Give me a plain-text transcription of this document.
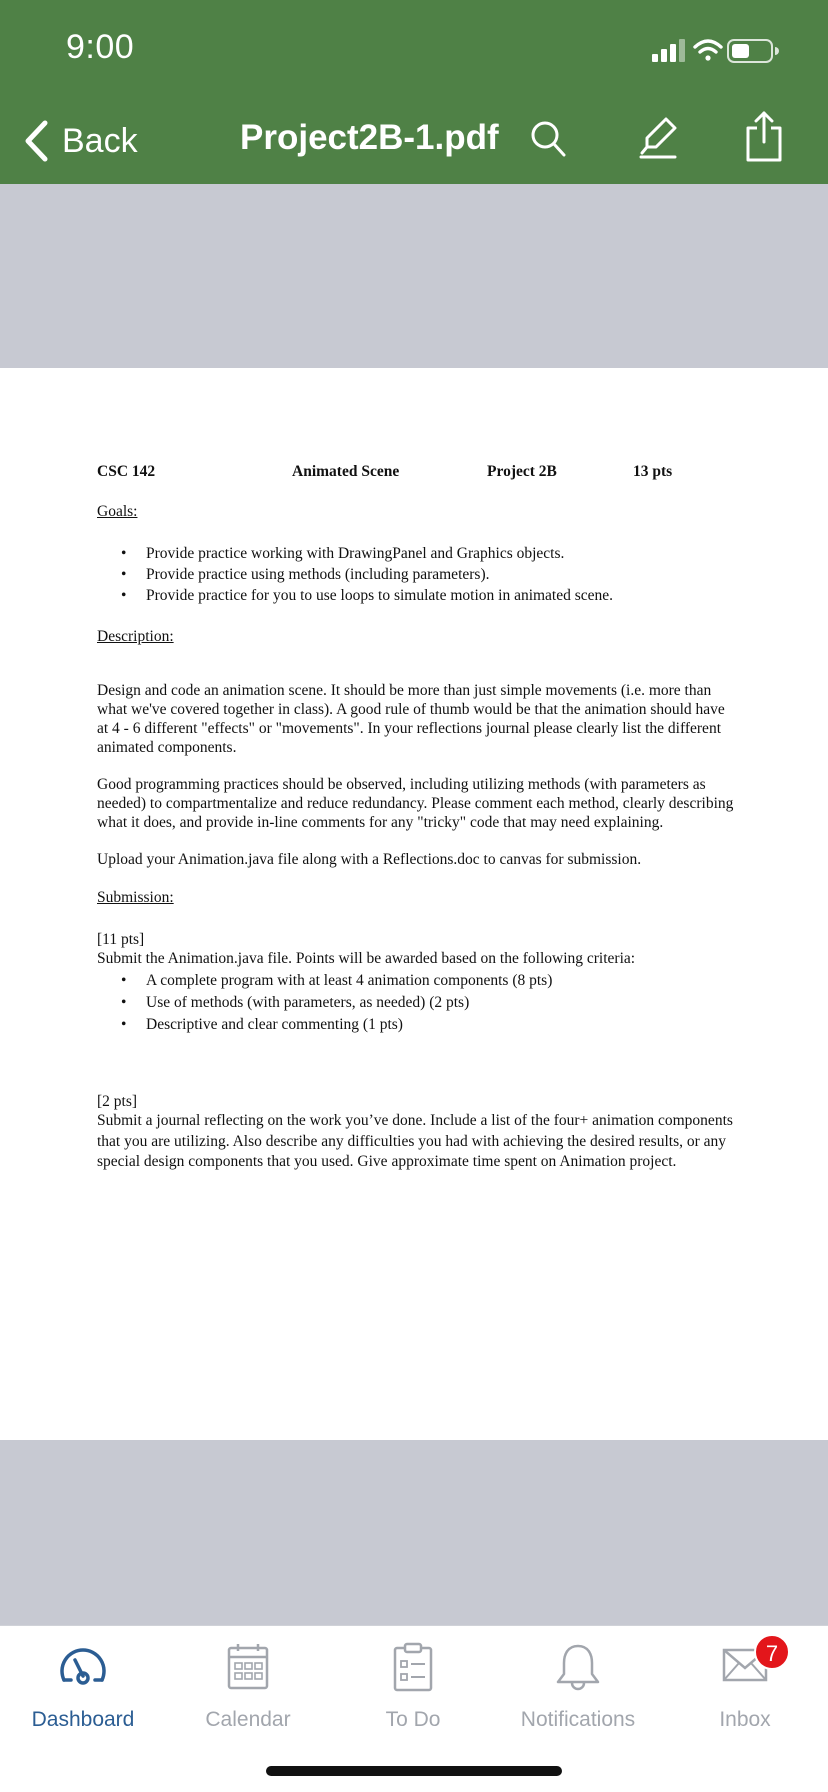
9:00
Back	Project2B-1.pdf
CSC 142	Animated Scene	Project 2B	13 pts
Goals:
• Provide practice working with DrawingPanel and Graphics objects.
• Provide practice using methods (including parameters).
• Provide practice for you to use loops to simulate motion in animated scene.
Description:

Design and code an animation scene. It should be more than just simple movements (i.e. more than what we've covered together in class). A good rule of thumb would be that the animation should have at 4 - 6 different "effects" or "movements". In your reflections journal please clearly list the different animated components.

Good programming practices should be observed, including utilizing methods (with parameters as needed) to compartmentalize and reduce redundancy. Please comment each method, clearly describing what it does, and provide in-line comments for any "tricky" code that may need explaining.

Upload your Animation.java file along with a Reflections.doc to canvas for submission.

Submission:
[11 pts]
Submit the Animation.java file. Points will be awarded based on the following criteria:
• A complete program with at least 4 animation components (8 pts)
• Use of methods (with parameters, as needed) (2 pts)
• Descriptive and clear commenting (1 pts)
[2 pts]

Submit a journal reflecting on the work you’ve done. Include a list of the four+ animation components that you are utilizing. Also describe any difficulties you had with achieving the desired results, or any special design components that you used. Give approximate time spent on Animation project.

Dashboard	Calendar	To Do	Notifications
7
Inbox
